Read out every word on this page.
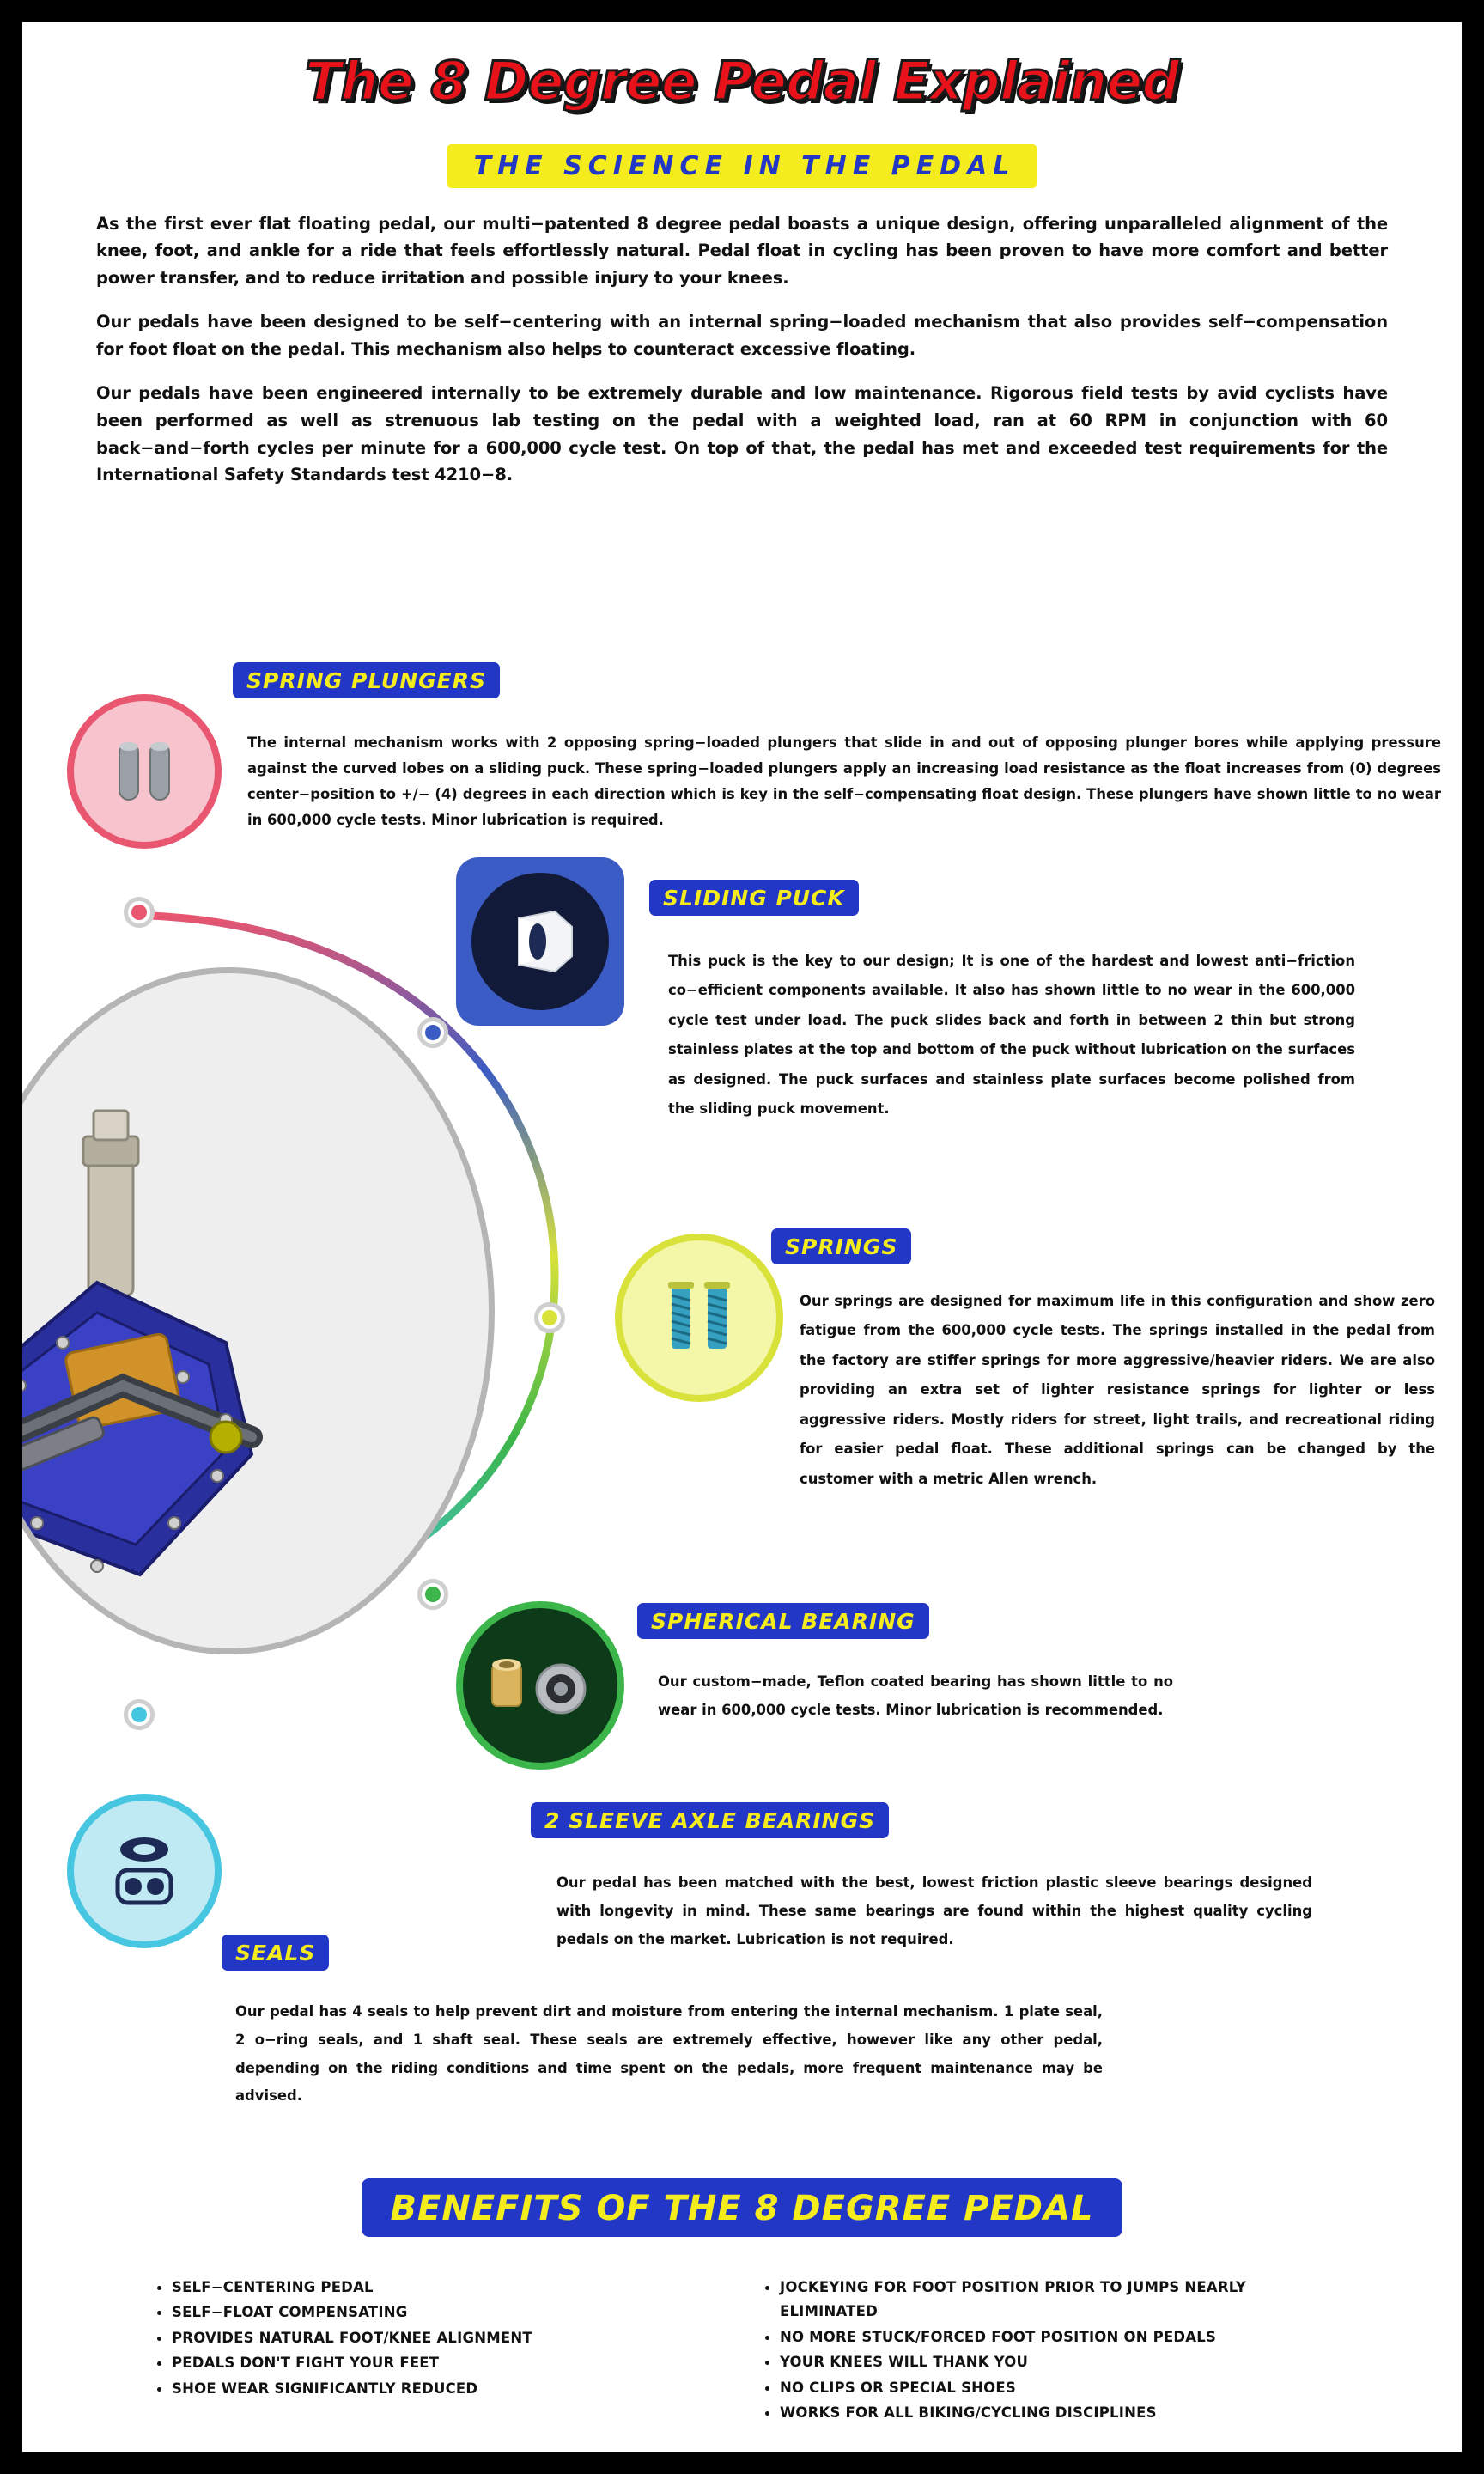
The 8 Degree Pedal Explained
THE SCIENCE IN THE PEDAL

As the first ever flat floating pedal, our multi−patented 8 degree pedal boasts a unique design, offering unparalleled alignment of the knee, foot, and ankle for a ride that feels effortlessly natural. Pedal float in cycling has been proven to have more comfort and better power transfer, and to reduce irritation and possible injury to your knees.

Our pedals have been designed to be self−centering with an internal spring−loaded mechanism that also provides self−compensation for foot float on the pedal. This mechanism also helps to counteract excessive floating.

Our pedals have been engineered internally to be extremely durable and low maintenance. Rigorous field tests by avid cyclists have been performed as well as strenuous lab testing on the pedal with a weighted load, ran at 60 RPM in conjunction with 60 back−and−forth cycles per minute for a 600,000 cycle test. On top of that, the pedal has met and exceeded test requirements for the International Safety Standards test 4210−8.

SPRING PLUNGERS
The internal mechanism works with 2 opposing spring−loaded plungers that slide in and out of opposing plunger bores while applying pressure against the curved lobes on a sliding puck. These spring−loaded plungers apply an increasing load resistance as the float increases from (0) degrees center−position to +/− (4) degrees in each direction which is key in the self−compensating float design. These plungers have shown little to no wear in 600,000 cycle tests. Minor lubrication is required.
SLIDING PUCK
This puck is the key to our design; It is one of the hardest and lowest anti−friction co−efficient components available. It also has shown little to no wear in the 600,000 cycle test under load. The puck slides back and forth in between 2 thin but strong stainless plates at the top and bottom of the puck without lubrication on the surfaces as designed. The puck surfaces and stainless plate surfaces become polished from the sliding puck movement.
SPRINGS
Our springs are designed for maximum life in this configuration and show zero fatigue from the 600,000 cycle tests. The springs installed in the pedal from the factory are stiffer springs for more aggressive/heavier riders. We are also providing an extra set of lighter resistance springs for lighter or less aggressive riders. Mostly riders for street, light trails, and recreational riding for easier pedal float. These additional springs can be changed by the customer with a metric Allen wrench.
SPHERICAL BEARING
Our custom−made, Teflon coated bearing has shown little to no wear in 600,000 cycle tests. Minor lubrication is recommended.
2 SLEEVE AXLE BEARINGS
Our pedal has been matched with the best, lowest friction plastic sleeve bearings designed with longevity in mind. These same bearings are found within the highest quality cycling pedals on the market. Lubrication is not required.
SEALS
Our pedal has 4 seals to help prevent dirt and moisture from entering the internal mechanism. 1 plate seal, 2 o−ring seals, and 1 shaft seal. These seals are extremely effective, however like any other pedal, depending on the riding conditions and time spent on the pedals, more frequent maintenance may be advised.
BENEFITS OF THE 8 DEGREE PEDAL
• SELF−CENTERING PEDAL
• SELF−FLOAT COMPENSATING
• PROVIDES NATURAL FOOT/KNEE ALIGNMENT
• PEDALS DON'T FIGHT YOUR FEET
• SHOE WEAR SIGNIFICANTLY REDUCED
• JOCKEYING FOR FOOT POSITION PRIOR TO JUMPS NEARLY ELIMINATED
• NO MORE STUCK/FORCED FOOT POSITION ON PEDALS
• YOUR KNEES WILL THANK YOU
• NO CLIPS OR SPECIAL SHOES
• WORKS FOR ALL BIKING/CYCLING DISCIPLINES
